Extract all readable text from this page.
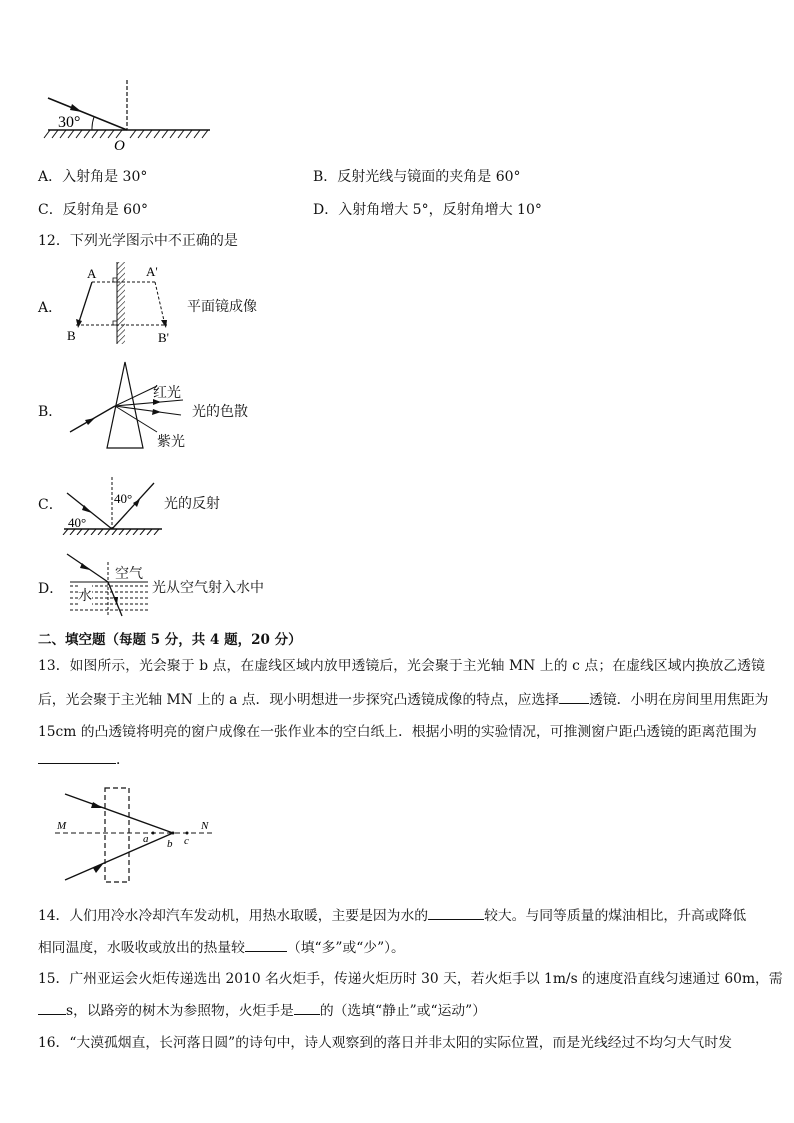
30°
O
A．入射角是 30°	B．反射光线与镜面的夹角是 60°
C．反射角是 60°	D．入射角增大 5°，反射角增大 10°
12．下列光学图示中不正确的是
A．
A	A'
B	B'
平面镜成像
B．
红光
光的色散
紫光
C．	40°
40°
光的反射
D．
空气
水	光从空气射入水中
二、填空题（每题 5 分，共 4 题，20 分）
13．如图所示，光会聚于 b 点，在虚线区域内放甲透镜后，光会聚于主光轴 MN 上的 c 点；在虚线区域内换放乙透镜
后，光会聚于主光轴 MN 上的 a 点．现小明想进一步探究凸透镜成像的特点，应选择 透镜．小明在房间里用焦距为
15cm 的凸透镜将明亮的窗户成像在一张作业本的空白纸上．根据小明的实验情况，可推测窗户距凸透镜的距离范围为
．
M	N
a b c
14．人们用冷水冷却汽车发动机，用热水取暖，主要是因为水的	较大。与同等质量的煤油相比，升高或降低
相同温度，水吸收或放出的热量较	（填“多”或“少”）。
15．广州亚运会火炬传递选出 2010 名火炬手，传递火炬历时 30 天，若火炬手以 1m/s 的速度沿直线匀速通过 60m，需
s，以路旁的树木为参照物，火炬手是 的（选填“静止”或“运动”）
16．“大漠孤烟直，长河落日圆”的诗句中，诗人观察到的落日并非太阳的实际位置，而是光线经过不均匀大气时发
